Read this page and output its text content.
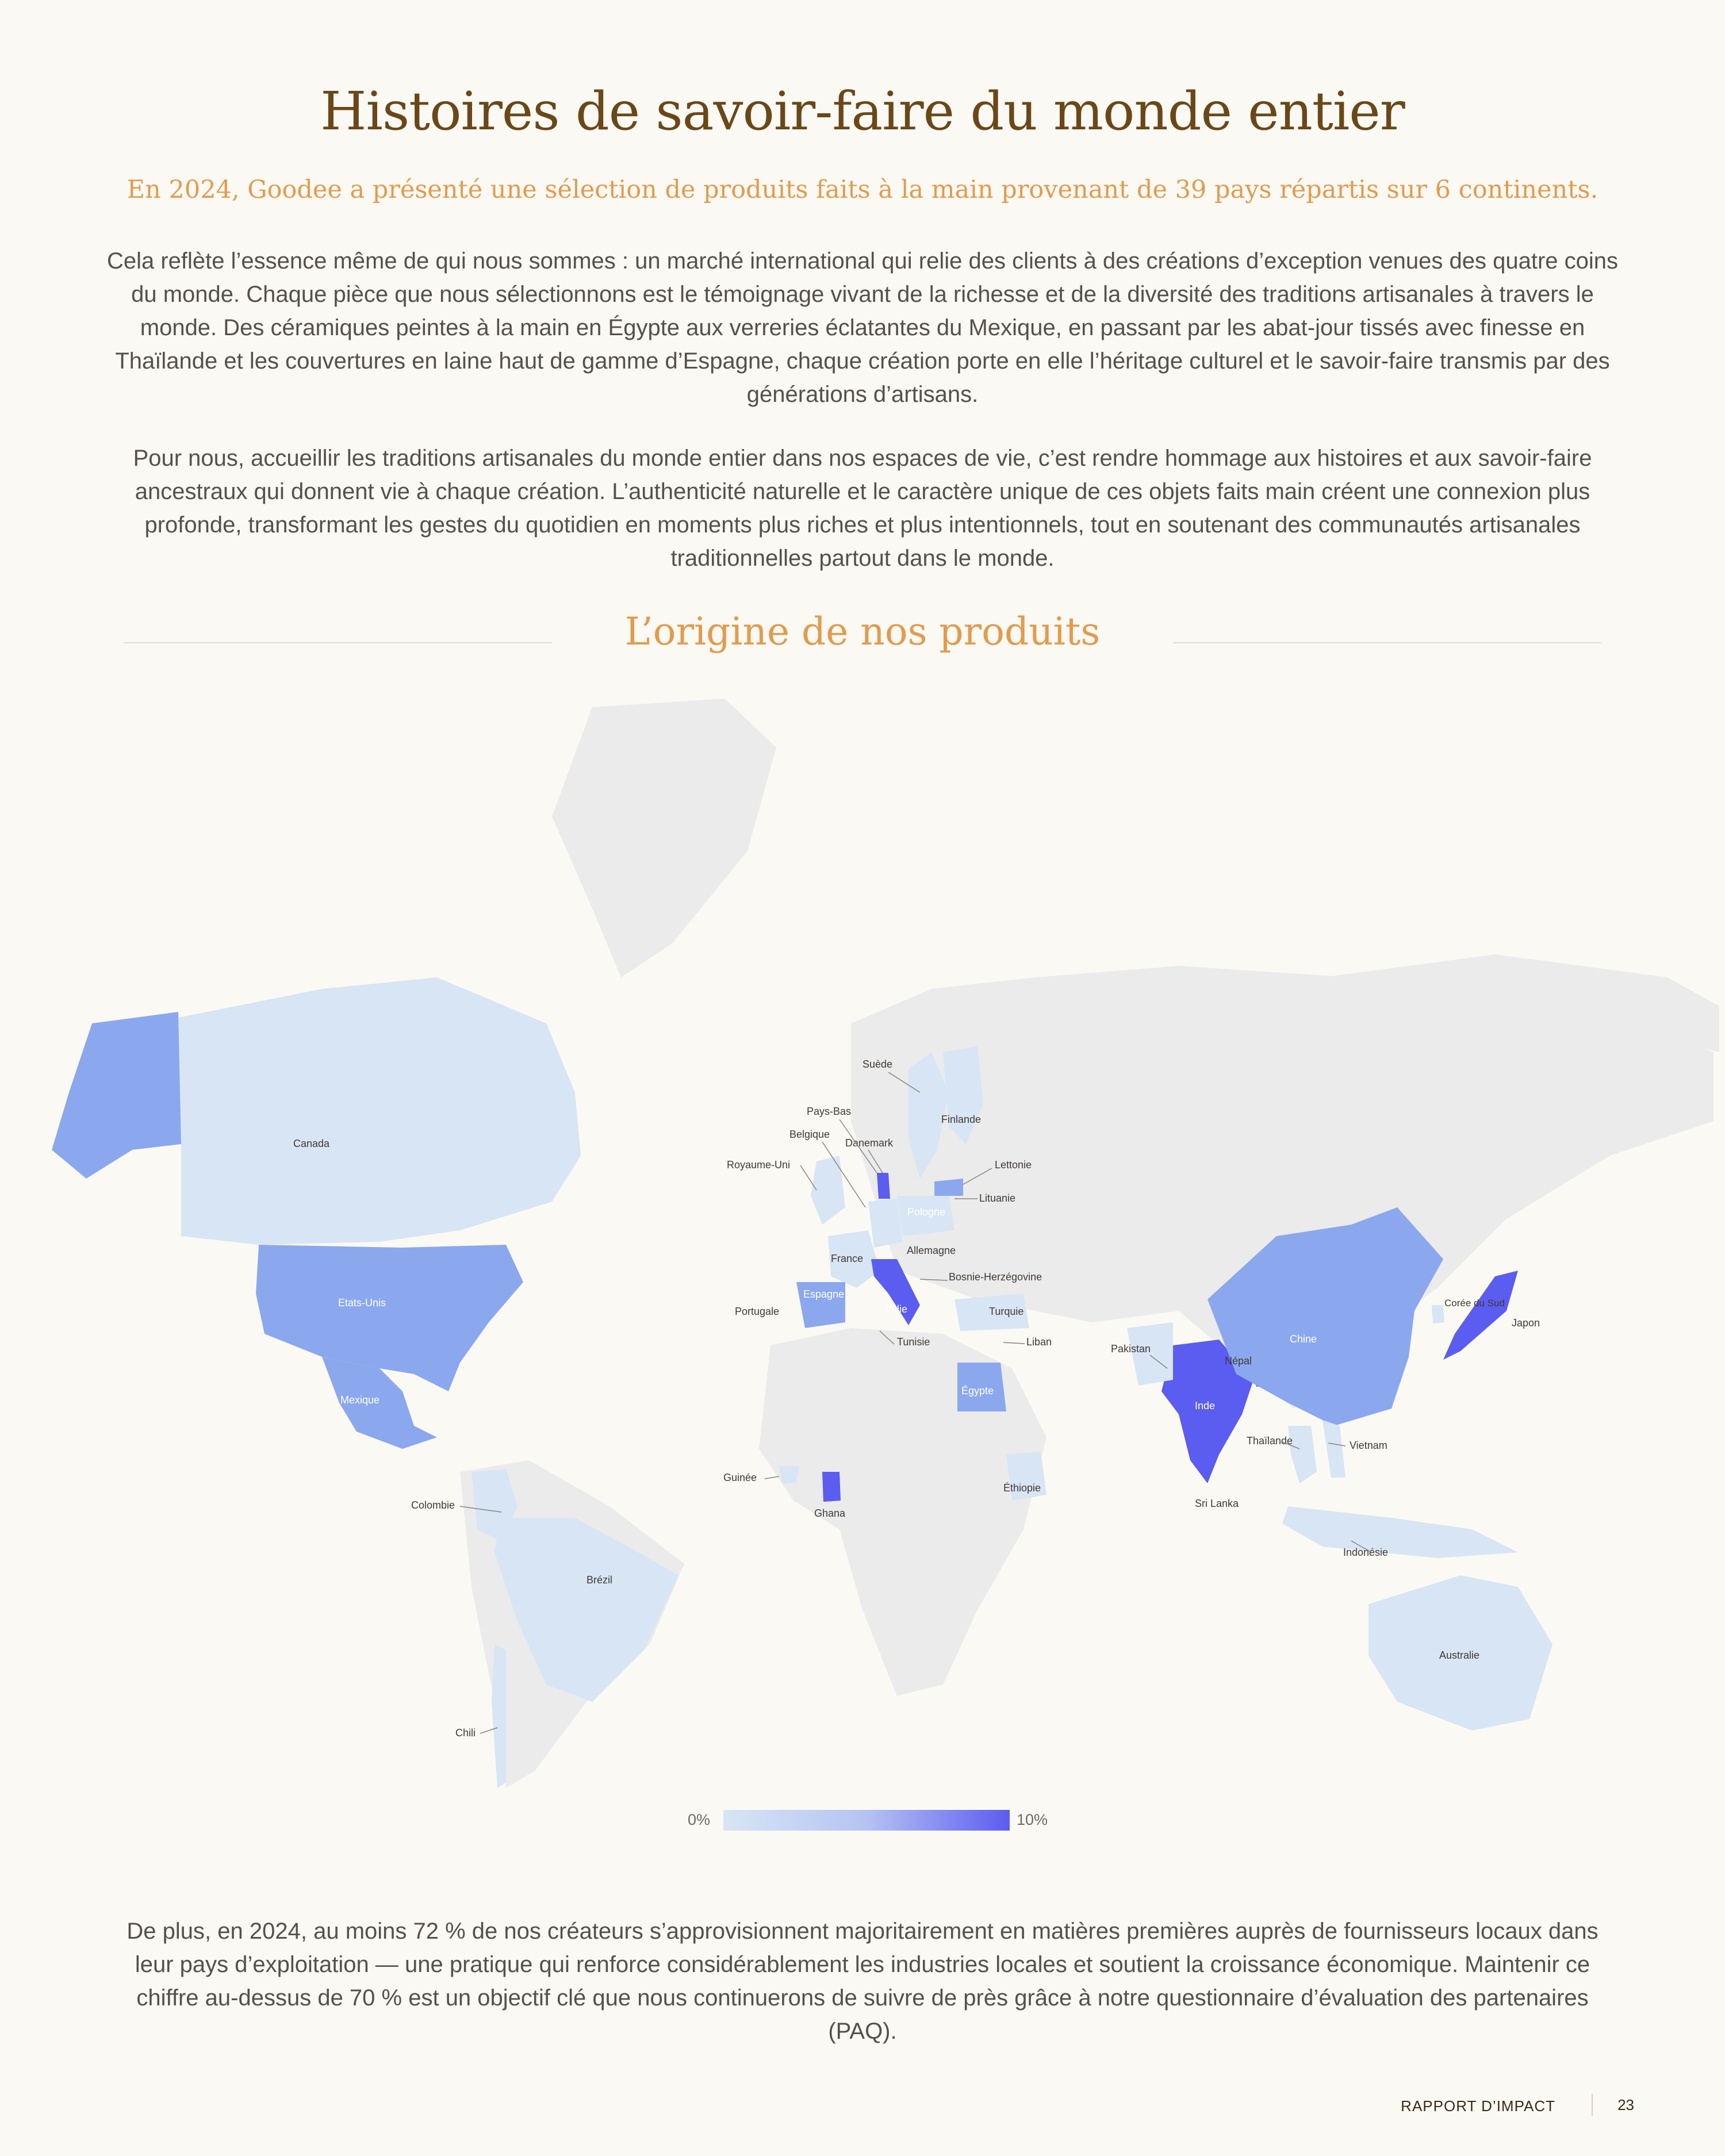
Histoires de savoir-faire du monde entier
En 2024, Goodee a présenté une sélection de produits faits à la main provenant de 39 pays répartis sur 6 continents.
Cela reflète l’essence même de qui nous sommes : un marché international qui relie des clients à des créations d’exception venues des quatre coins du monde. Chaque pièce que nous sélectionnons est le témoignage vivant de la richesse et de la diversité des traditions artisanales à travers le monde. Des céramiques peintes à la main en Égypte aux verreries éclatantes du Mexique, en passant par les abat-jour tissés avec finesse en Thaïlande et les couvertures en laine haut de gamme d’Espagne, chaque création porte en elle l’héritage culturel et le savoir-faire transmis par des générations d’artisans.
Pour nous, accueillir les traditions artisanales du monde entier dans nos espaces de vie, c’est rendre hommage aux histoires et aux savoir-faire ancestraux qui donnent vie à chaque création. L’authenticité naturelle et le caractère unique de ces objets faits main créent une connexion plus profonde, transformant les gestes du quotidien en moments plus riches et plus intentionnels, tout en soutenant des communautés artisanales traditionnelles partout dans le monde.
L’origine de nos produits
Canada
Etats-Unis
Mexique
Colombie
Brézil
Chili
Suède
Finlande
Pays-Bas
Belgique
Danemark
Royaume-Uni	Lettonie
Lituanie
Pologne
Allemagne
France
Bosnie-Herzégovine
Espagne
Portugale	Italie	Turquie
Tunisie	Liban
Égypte
Éthiopie
Guinée
Ghana
Pakistan
Népal
Inde
Sri Lanka
Chine
Corée du Sud
Japon
Thaïlande	Vietnam
Indonésie
Australie
0%	10%
De plus, en 2024, au moins 72 % de nos créateurs s’approvisionnent majoritairement en matières premières auprès de fournisseurs locaux dans leur pays d’exploitation — une pratique qui renforce considérablement les industries locales et soutient la croissance économique. Maintenir ce chiffre au-dessus de 70 % est un objectif clé que nous continuerons de suivre de près grâce à notre questionnaire d’évaluation des partenaires (PAQ).
RAPPORT D’IMPACT	23
